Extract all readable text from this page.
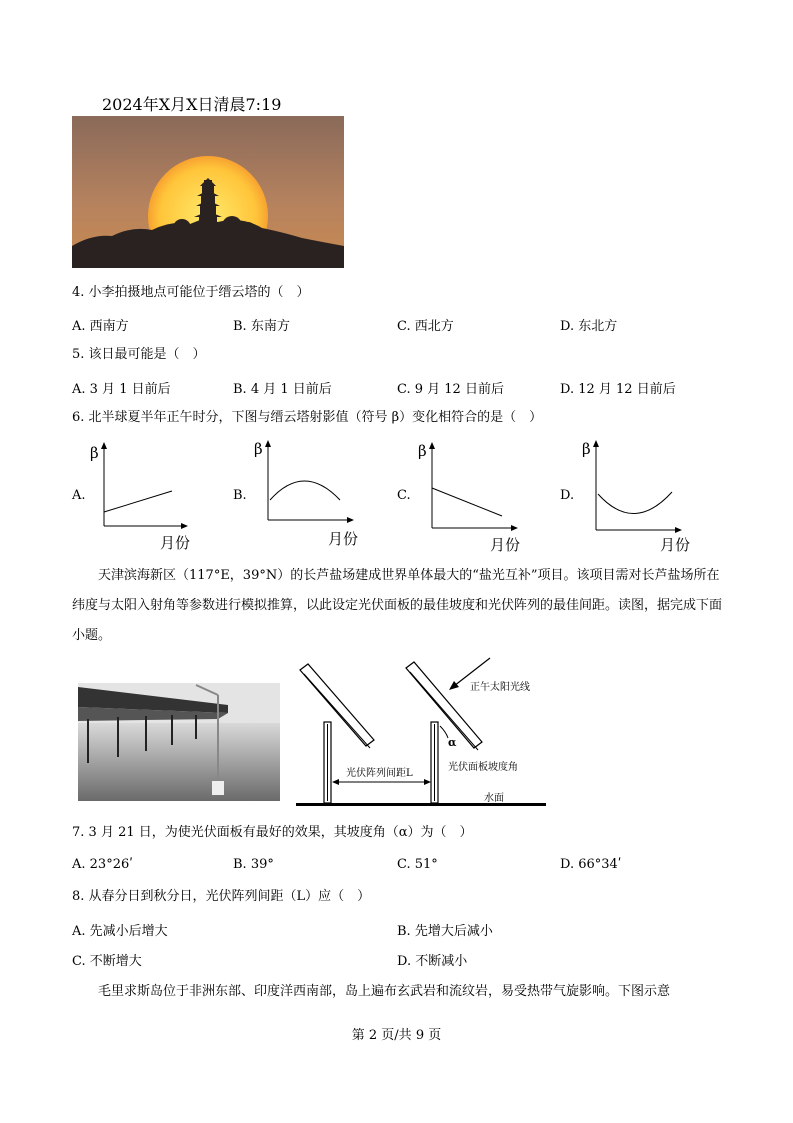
2024年X月X日清晨7:19
4. 小李拍摄地点可能位于缙云塔的（　）
A. 西南方	B. 东南方	C. 西北方	D. 东北方
5. 该日最可能是（　）
A. 3 月 1 日前后	B. 4 月 1 日前后	C. 9 月 12 日前后	D. 12 月 12 日前后
6. 北半球夏半年正午时分，下图与缙云塔射影值（符号 β）变化相符合的是（　）
A.
β
月份
B.
β
月份
C.
β
月份
D.
β
月份
天津滨海新区（117°E，39°N）的长芦盐场建成世界单体最大的“盐光互补”项目。该项目需对长芦盐场所在纬度与太阳入射角等参数进行模拟推算，以此设定光伏面板的最佳坡度和光伏阵列的最佳间距。读图，据完成下面小题。
α
正午太阳光线
光伏阵列间距L
光伏面板坡度角
水面
7. 3 月 21 日，为使光伏面板有最好的效果，其坡度角（α）为（　）
A. 23°26ʹ	B. 39°	C. 51°	D. 66°34ʹ
8. 从春分日到秋分日，光伏阵列间距（L）应（　）
A. 先减小后增大	B. 先增大后减小
C. 不断增大	D. 不断减小
毛里求斯岛位于非洲东部、印度洋西南部，岛上遍布玄武岩和流纹岩，易受热带气旋影响。下图示意
第 2 页/共 9 页
